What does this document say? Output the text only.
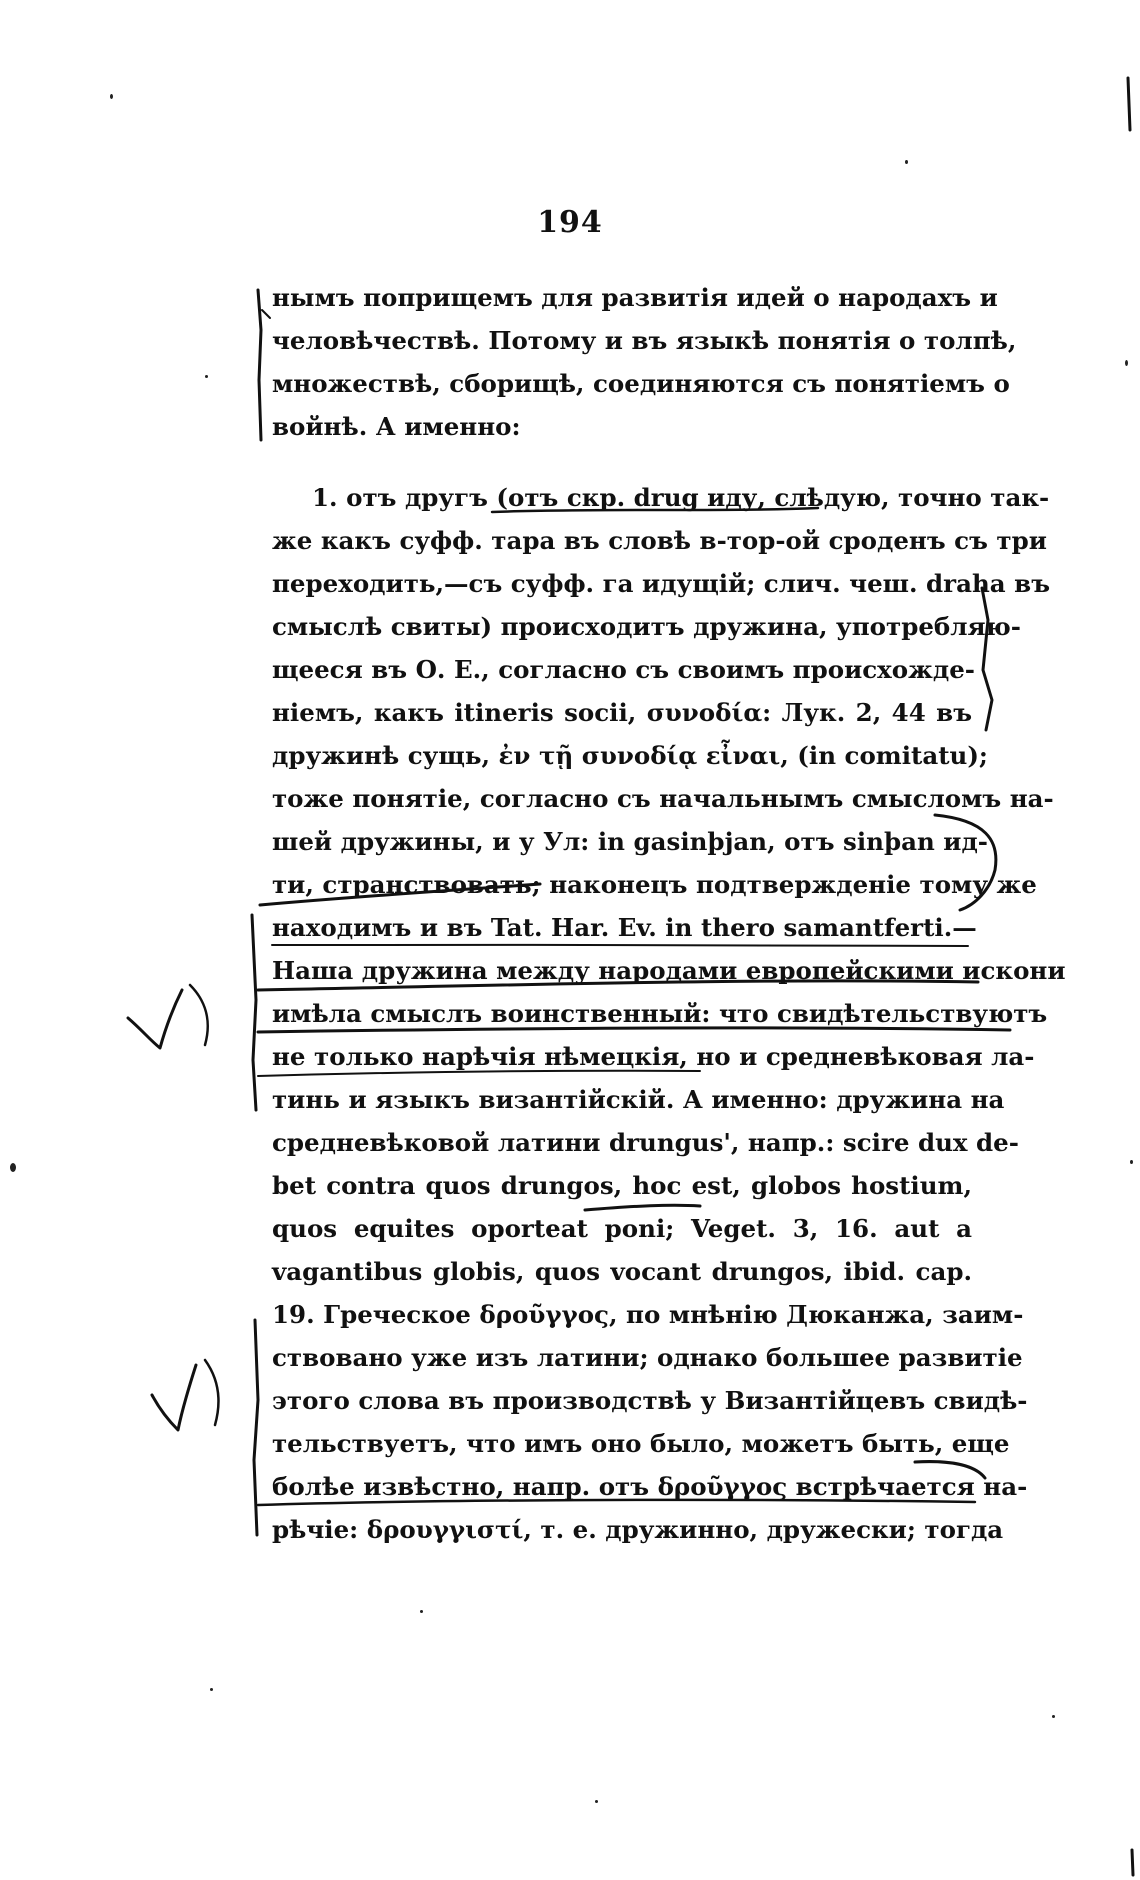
194
нымъ поприщемъ для развитія идей о народахъ и
человѣчествѣ. Потому и въ языкѣ понятія о толпѣ,
множествѣ, сборищѣ, соединяются съ понятіемъ о
войнѣ. А именно:
1. отъ другъ (отъ скр. drug иду, слѣдую, точно так-
же какъ суфф. тара въ словѣ в-тор-ой сроденъ съ три
переходить,—съ суфф. га идущій; слич. чеш. draha въ
смыслѣ свиты) происходитъ дружина, употребляю-
щееся въ О. Е., согласно съ своимъ происхожде-
ніемъ, какъ itineris socii, συνοδία: Лук. 2, 44 въ
дружинѣ сущь, ἐν τῇ συνοδίᾳ εἶναι, (in comitatu);
тоже понятіе, согласно съ начальнымъ смысломъ на-
шей дружины, и у Ул: in gasinþjan, отъ sinþan ид-
ти, странствовать; наконецъ подтвержденіе тому же
находимъ и въ Tat. Har. Ev. in thero samantferti.—
Наша дружина между народами европейскими искони
имѣла смыслъ воинственный: что свидѣтельствуютъ
не только нарѣчія нѣмецкія, но и средневѣковая ла-
тинь и языкъ византійскій. А именно: дружина на
средневѣковой латини drungus', напр.: scire dux de-
bet contra quos drungos, hoc est, globos hostium,
quos equites oporteat poni; Veget. 3, 16. aut a
vagantibus globis, quos vocant drungos, ibid. cap.
19. Греческое δροῦγγος, по мнѣнію Дюканжа, заим-
ствовано уже изъ латини; однако большее развитіе
этого слова въ производствѣ у Византійцевъ свидѣ-
тельствуетъ, что имъ оно было, можетъ быть, еще
болѣе извѣстно, напр. отъ δροῦγγος встрѣчается на-
рѣчіе: δρουγγιστί, т. е. дружинно, дружески; тогда
